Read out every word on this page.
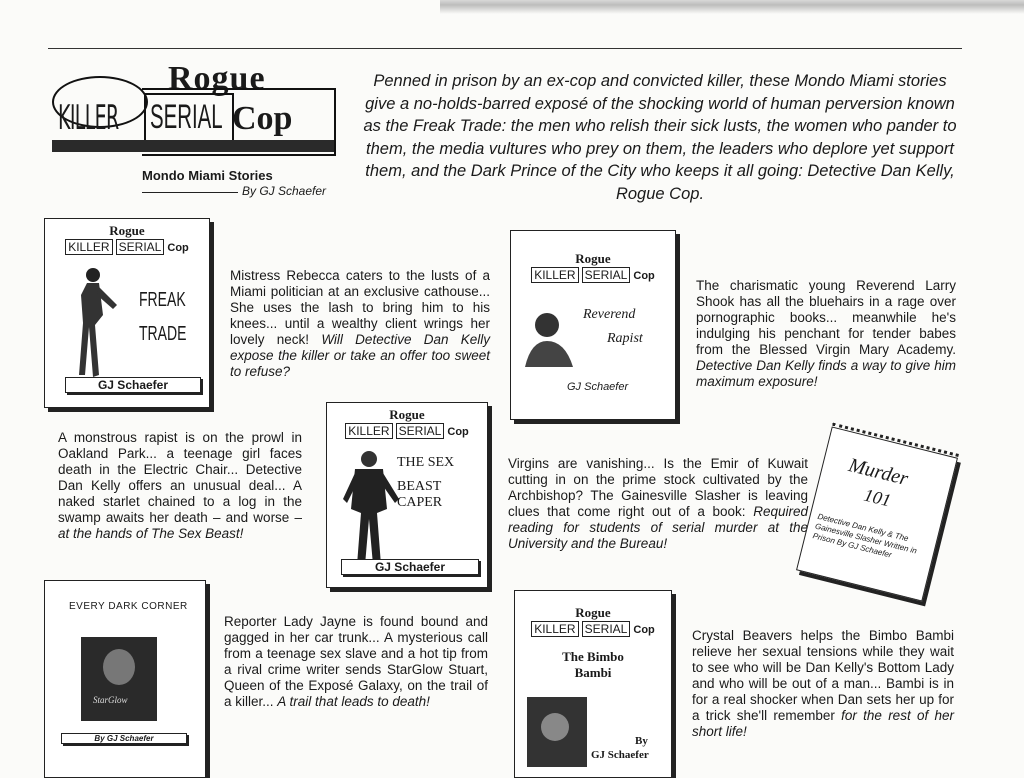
Rogue
KILLER SERIAL Cop
Mondo Miami Stories
By GJ Schaefer
Penned in prison by an ex-cop and convicted killer, these Mondo Miami stories give a no-holds-barred exposé of the shocking world of human perversion known as the Freak Trade: the men who relish their sick lusts, the women who pander to them, the media vultures who prey on them, the leaders who deplore yet support them, and the Dark Prince of the City who keeps it all going: Detective Dan Kelly, Rogue Cop.
Rogue
KILLER SERIAL Cop
FREAK
TRADE
GJ Schaefer
Mistress Rebecca caters to the lusts of a Miami politician at an exclusive cathouse... She uses the lash to bring him to his knees... until a wealthy client wrings her lovely neck! Will Detective Dan Kelly expose the killer or take an offer too sweet to refuse?
Rogue
KILLER SERIAL Cop
Reverend
Rapist
GJ Schaefer
The charismatic young Reverend Larry Shook has all the bluehairs in a rage over pornographic books... meanwhile he's indulging his penchant for tender babes from the Blessed Virgin Mary Academy. Detective Dan Kelly finds a way to give him maximum exposure!
Rogue
KILLER SERIAL Cop
THE SEX
BEAST CAPER
GJ Schaefer
A monstrous rapist is on the prowl in Oakland Park... a teenage girl faces death in the Electric Chair... Detective Dan Kelly offers an unusual deal... A naked starlet chained to a log in the swamp awaits her death – and worse – at the hands of The Sex Beast!
Murder
101
Detective Dan Kelly & The Gainesville Slasher Written in Prison By GJ Schaefer
Virgins are vanishing... Is the Emir of Kuwait cutting in on the prime stock cultivated by the Archbishop? The Gainesville Slasher is leaving clues that come right out of a book: Required reading for students of serial murder at the University and the Bureau!
EVERY DARK CORNER
StarGlow
By GJ Schaefer
Reporter Lady Jayne is found bound and gagged in her car trunk... A mysterious call from a teenage sex slave and a hot tip from a rival crime writer sends StarGlow Stuart, Queen of the Exposé Galaxy, on the trail of a killer... A trail that leads to death!
Rogue
KILLER SERIAL Cop
The Bimbo
Bambi
By
GJ Schaefer
Crystal Beavers helps the Bimbo Bambi relieve her sexual tensions while they wait to see who will be Dan Kelly's Bottom Lady and who will be out of a man... Bambi is in for a real shocker when Dan sets her up for a trick she'll remember for the rest of her short life!
